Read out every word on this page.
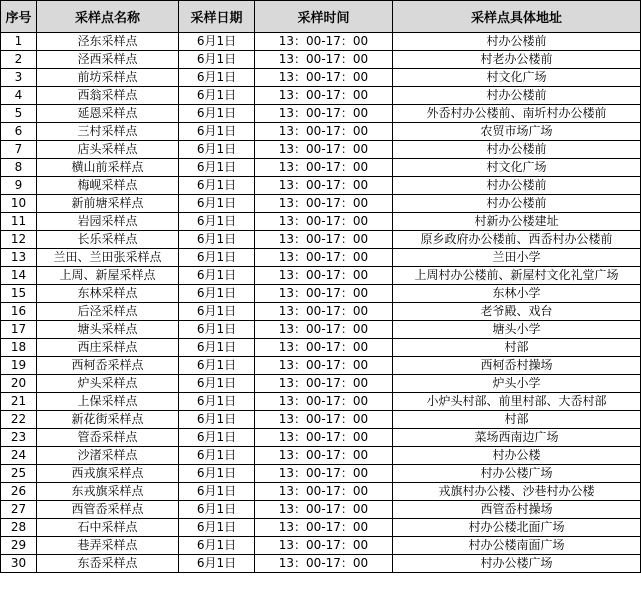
序号	采样点名称	采样日期	采样时间	采样点具体地址
1	泾东采样点	6月1日	13：00-17：00	村办公楼前
2	泾西采样点	6月1日	13：00-17：00	村老办公楼前
3	前坊采样点	6月1日	13：00-17：00	村文化广场
4	西翁采样点	6月1日	13：00-17：00	村办公楼前
5	延恩采样点	6月1日	13：00-17：00	外岙村办公楼前、南圻村办公楼前
6	三村采样点	6月1日	13：00-17：00	农贸市场广场
7	店头采样点	6月1日	13：00-17：00	村办公楼前
8	横山前采样点	6月1日	13：00-17：00	村文化广场
9	梅岘采样点	6月1日	13：00-17：00	村办公楼前
10	新前塘采样点	6月1日	13：00-17：00	村办公楼前
11	岩园采样点	6月1日	13：00-17：00	村新办公楼建址
12	长乐采样点	6月1日	13：00-17：00	原乡政府办公楼前、西岙村办公楼前
13	兰田、兰田张采样点	6月1日	13：00-17：00	兰田小学
14	上周、新屋采样点	6月1日	13：00-17：00	上周村办公楼前、新屋村文化礼堂广场
15	东林采样点	6月1日	13：00-17：00	东林小学
16	后泾采样点	6月1日	13：00-17：00	老爷殿、戏台
17	塘头采样点	6月1日	13：00-17：00	塘头小学
18	西庄采样点	6月1日	13：00-17：00	村部
19	西柯岙采样点	6月1日	13：00-17：00	西柯岙村操场
20	炉头采样点	6月1日	13：00-17：00	炉头小学
21	上保采样点	6月1日	13：00-17：00	小炉头村部、前里村部、大岙村部
22	新花街采样点	6月1日	13：00-17：00	村部
23	管岙采样点	6月1日	13：00-17：00	菜场西南边广场
24	沙渚采样点	6月1日	13：00-17：00	村办公楼
25	西戎旗采样点	6月1日	13：00-17：00	村办公楼广场
26	东戎旗采样点	6月1日	13：00-17：00	戎旗村办公楼、沙巷村办公楼
27	西管岙采样点	6月1日	13：00-17：00	西管岙村操场
28	石中采样点	6月1日	13：00-17：00	村办公楼北面广场
29	巷弄采样点	6月1日	13：00-17：00	村办公楼南面广场
30	东岙采样点	6月1日	13：00-17：00	村办公楼广场
